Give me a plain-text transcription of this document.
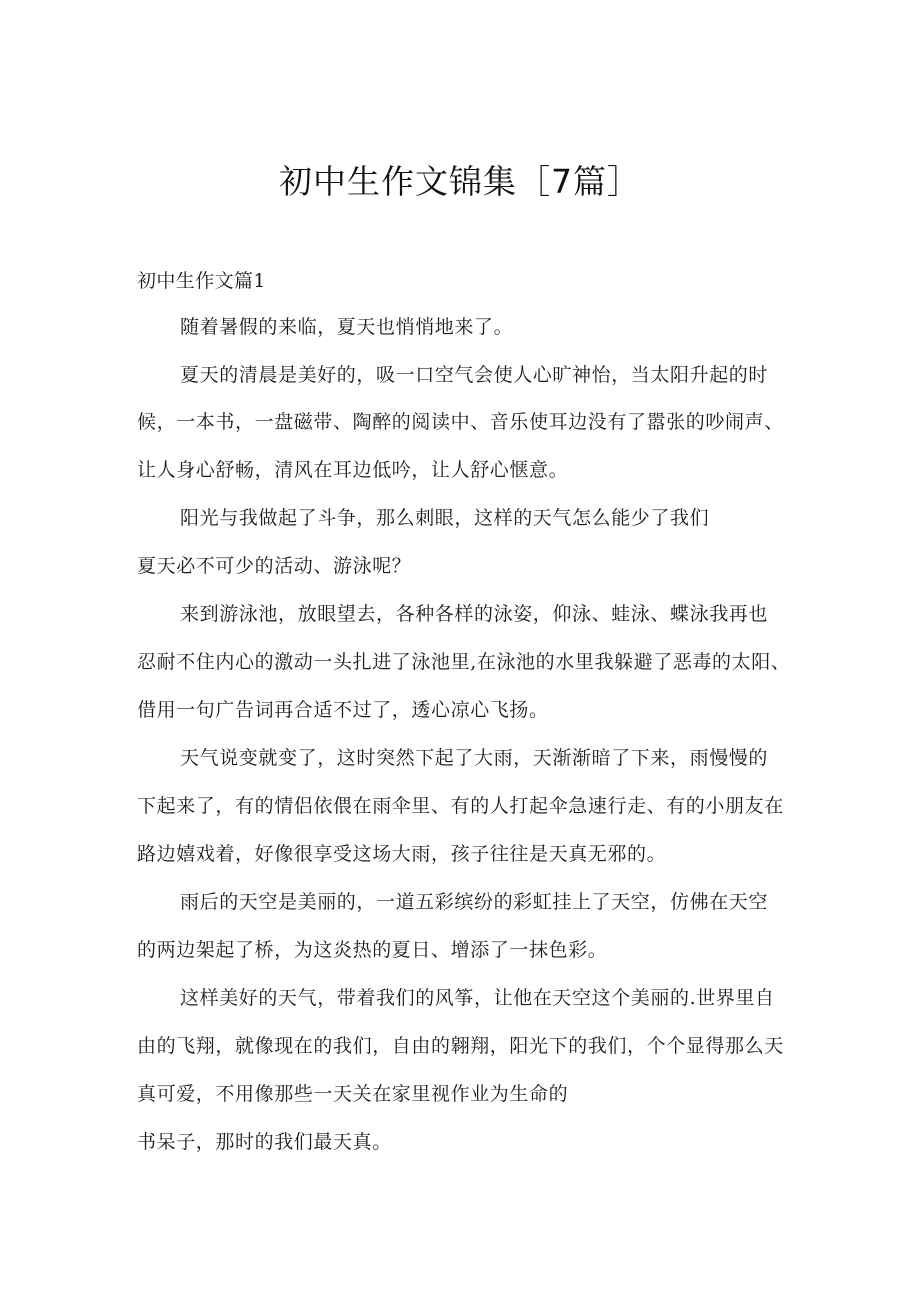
初中生作文锦集［7篇］

初中生作文篇1

随着暑假的来临，夏天也悄悄地来了。

夏天的清晨是美好的，吸一口空气会使人心旷神怡，当太阳升起的时

候，一本书，一盘磁带、陶醉的阅读中、音乐使耳边没有了嚣张的吵闹声、

让人身心舒畅，清风在耳边低吟，让人舒心惬意。

阳光与我做起了斗争，那么刺眼，这样的天气怎么能少了我们

夏天必不可少的活动、游泳呢？

来到游泳池，放眼望去，各种各样的泳姿，仰泳、蛙泳、蝶泳我再也

忍耐不住内心的激动一头扎进了泳池里,在泳池的水里我躲避了恶毒的太阳、

借用一句广告词再合适不过了，透心凉心飞扬。

天气说变就变了，这时突然下起了大雨，天渐渐暗了下来，雨慢慢的

下起来了，有的情侣依偎在雨伞里、有的人打起伞急速行走、有的小朋友在

路边嬉戏着，好像很享受这场大雨，孩子往往是天真无邪的。

雨后的天空是美丽的，一道五彩缤纷的彩虹挂上了天空，仿佛在天空

的两边架起了桥，为这炎热的夏日、增添了一抹色彩。

这样美好的天气，带着我们的风筝，让他在天空这个美丽的.世界里自

由的飞翔，就像现在的我们，自由的翱翔，阳光下的我们，个个显得那么天

真可爱，不用像那些一天关在家里视作业为生命的

书呆子，那时的我们最天真。
